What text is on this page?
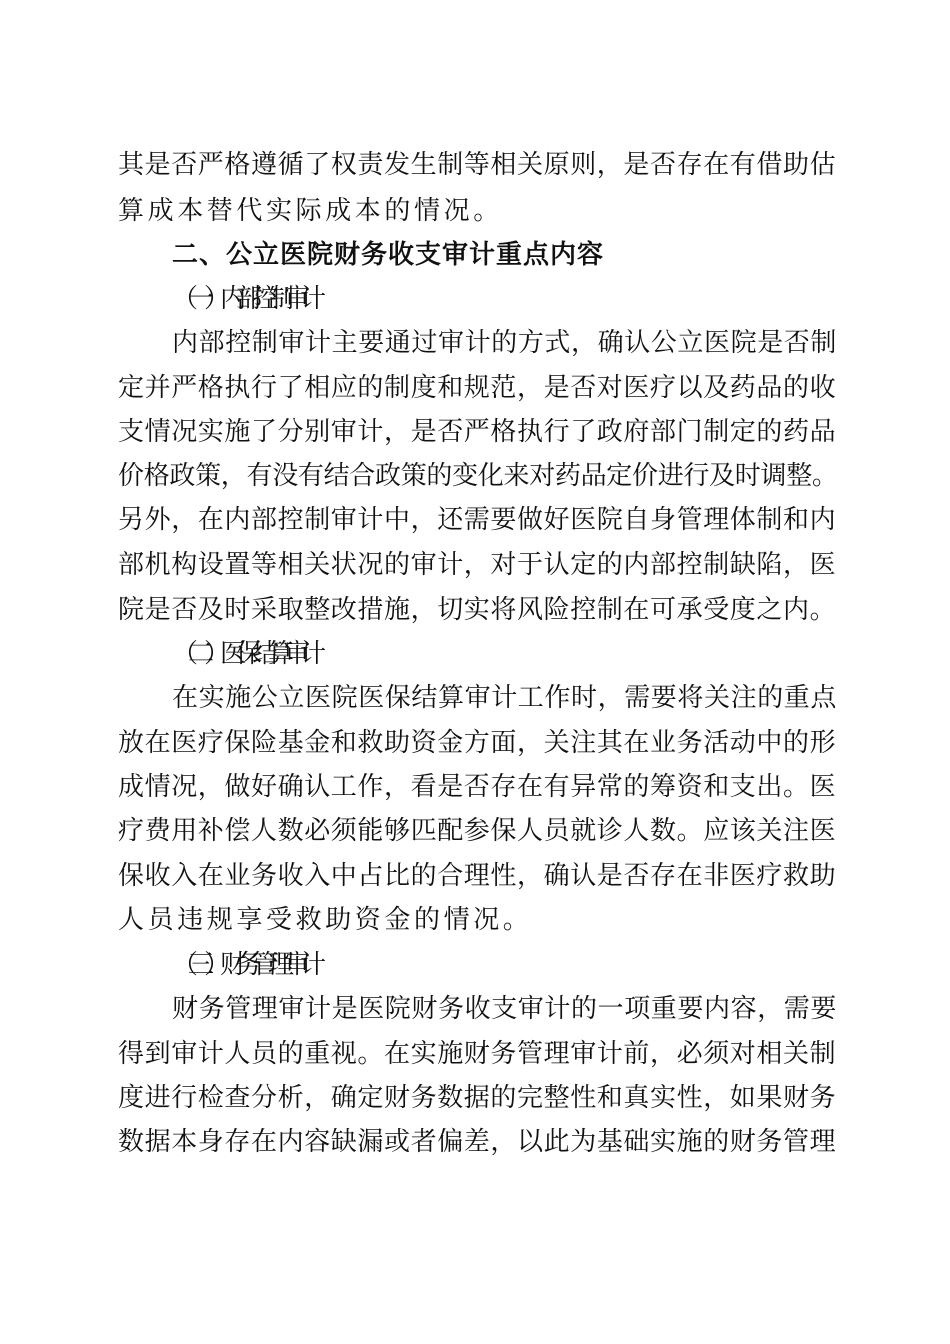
其是否严格遵循了权责发生制等相关原则，是否存在有借助估
算成本替代实际成本的情况。
二、公立医院财务收支审计重点内容
（一）内部控制审计
内部控制审计主要通过审计的方式，确认公立医院是否制
定并严格执行了相应的制度和规范，是否对医疗以及药品的收
支情况实施了分别审计，是否严格执行了政府部门制定的药品
价格政策，有没有结合政策的变化来对药品定价进行及时调整。
另外，在内部控制审计中，还需要做好医院自身管理体制和内
部机构设置等相关状况的审计，对于认定的内部控制缺陷，医
院是否及时采取整改措施，切实将风险控制在可承受度之内。
（二）医保结算审计
在实施公立医院医保结算审计工作时，需要将关注的重点
放在医疗保险基金和救助资金方面，关注其在业务活动中的形
成情况，做好确认工作，看是否存在有异常的筹资和支出。医
疗费用补偿人数必须能够匹配参保人员就诊人数。应该关注医
保收入在业务收入中占比的合理性，确认是否存在非医疗救助
人员违规享受救助资金的情况。
（三）财务管理审计
财务管理审计是医院财务收支审计的一项重要内容，需要
得到审计人员的重视。在实施财务管理审计前，必须对相关制
度进行检查分析，确定财务数据的完整性和真实性，如果财务
数据本身存在内容缺漏或者偏差，以此为基础实施的财务管理
